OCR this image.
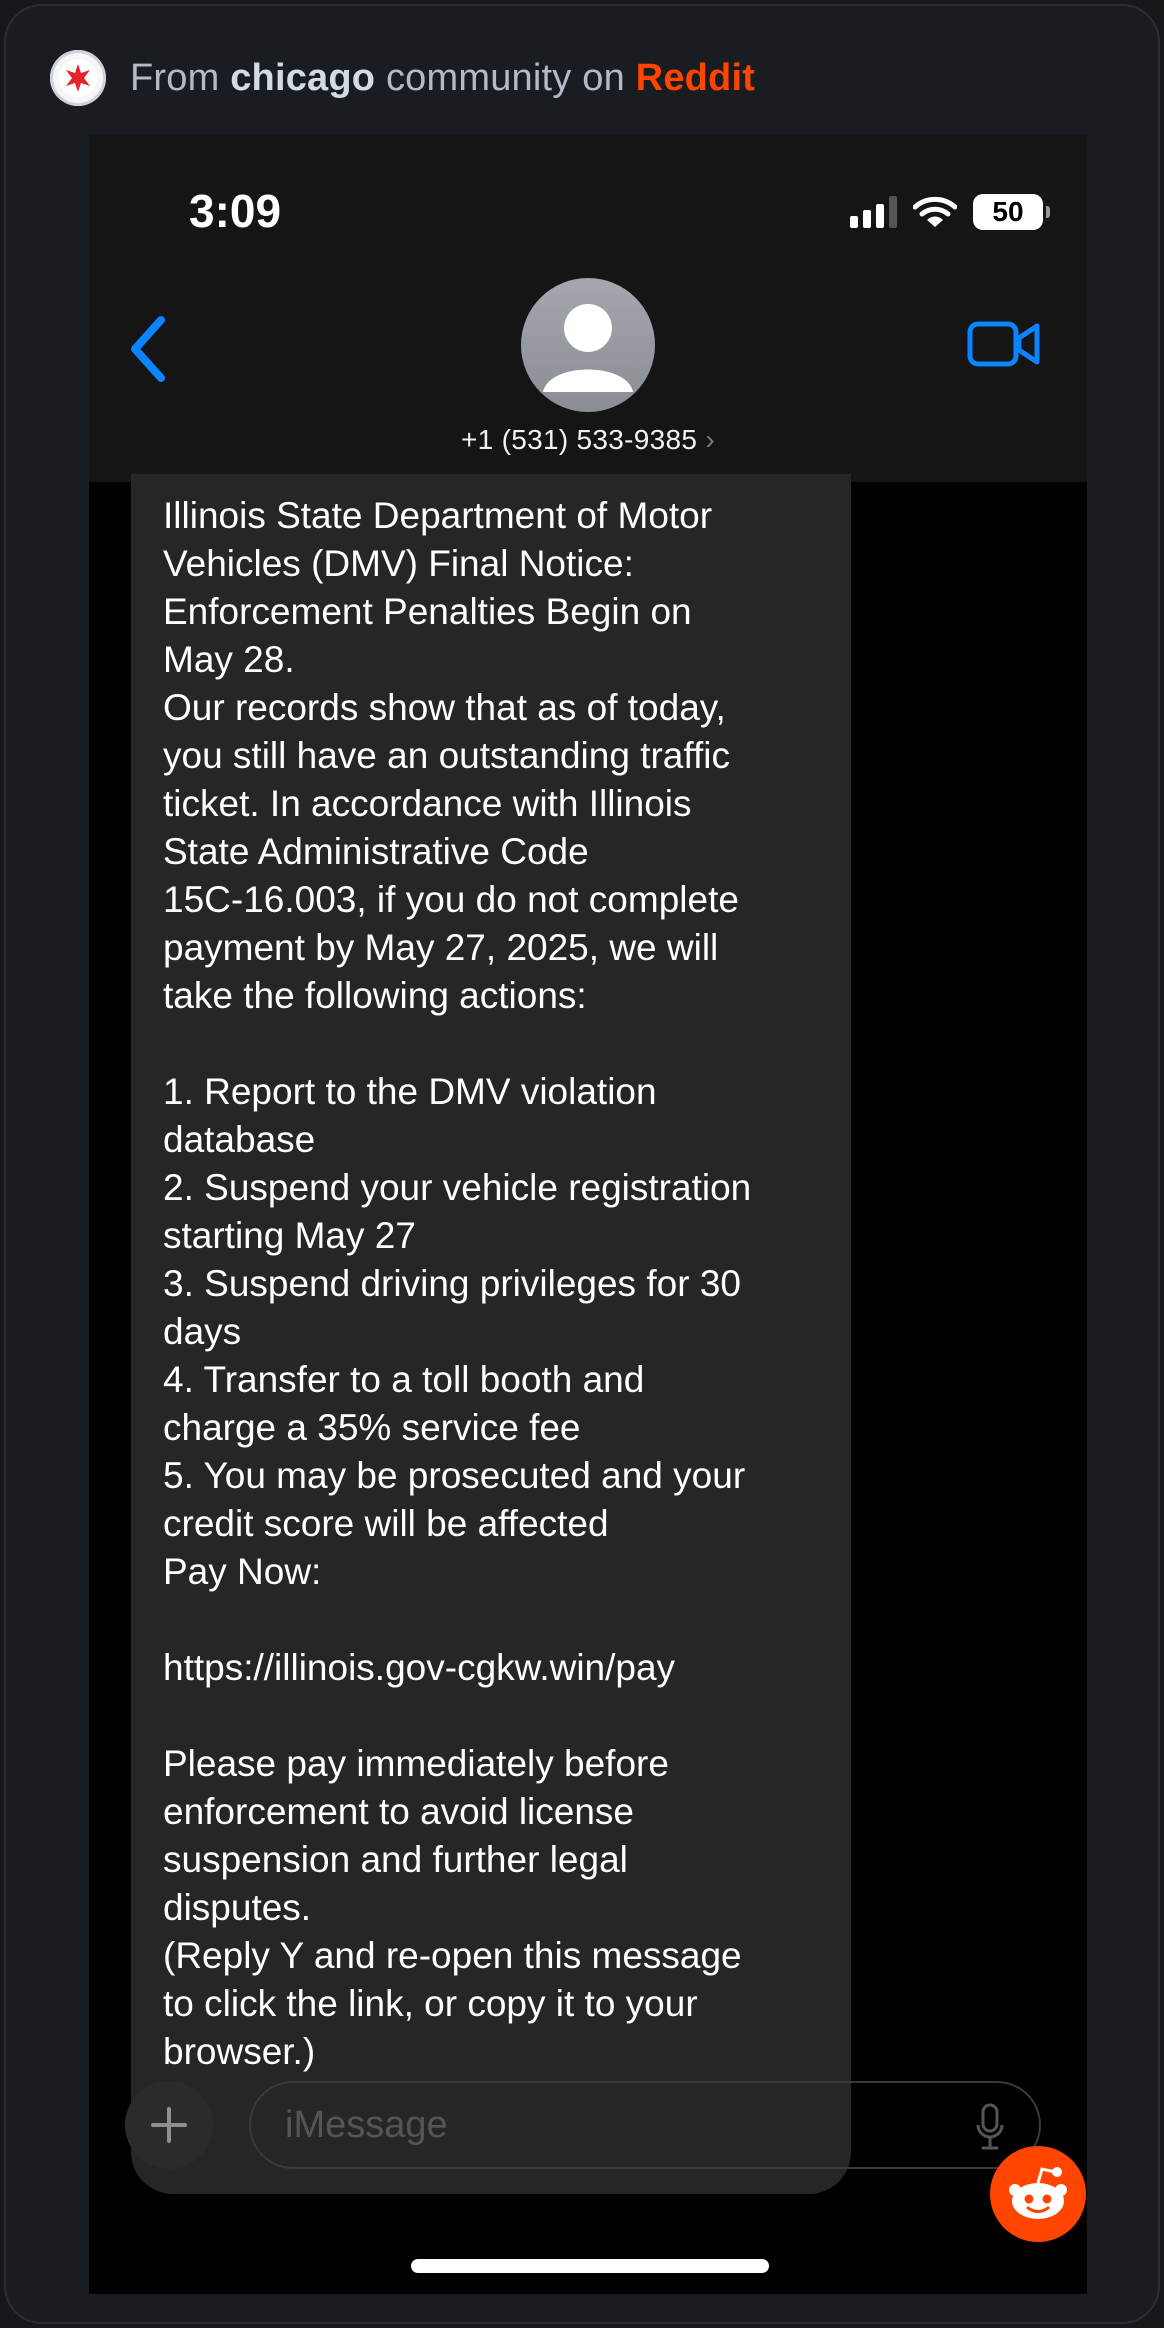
From chicago community on Reddit
3:09	50
+1 (531) 533-9385 ›

Illinois State Department of Motor
Vehicles (DMV) Final Notice:
Enforcement Penalties Begin on
May 28.
Our records show that as of today,
you still have an outstanding traffic
ticket. In accordance with Illinois
State Administrative Code
15C-16.003, if you do not complete
payment by May 27, 2025, we will
take the following actions:

1. Report to the DMV violation
database
2. Suspend your vehicle registration
starting May 27
3. Suspend driving privileges for 30
days
4. Transfer to a toll booth and
charge a 35% service fee
5. You may be prosecuted and your
credit score will be affected
Pay Now:

https://illinois.gov-cgkw.win/pay

Please pay immediately before
enforcement to avoid license
suspension and further legal
disputes.
(Reply Y and re-open this message
to click the link, or copy it to your
browser.)

iMessage
